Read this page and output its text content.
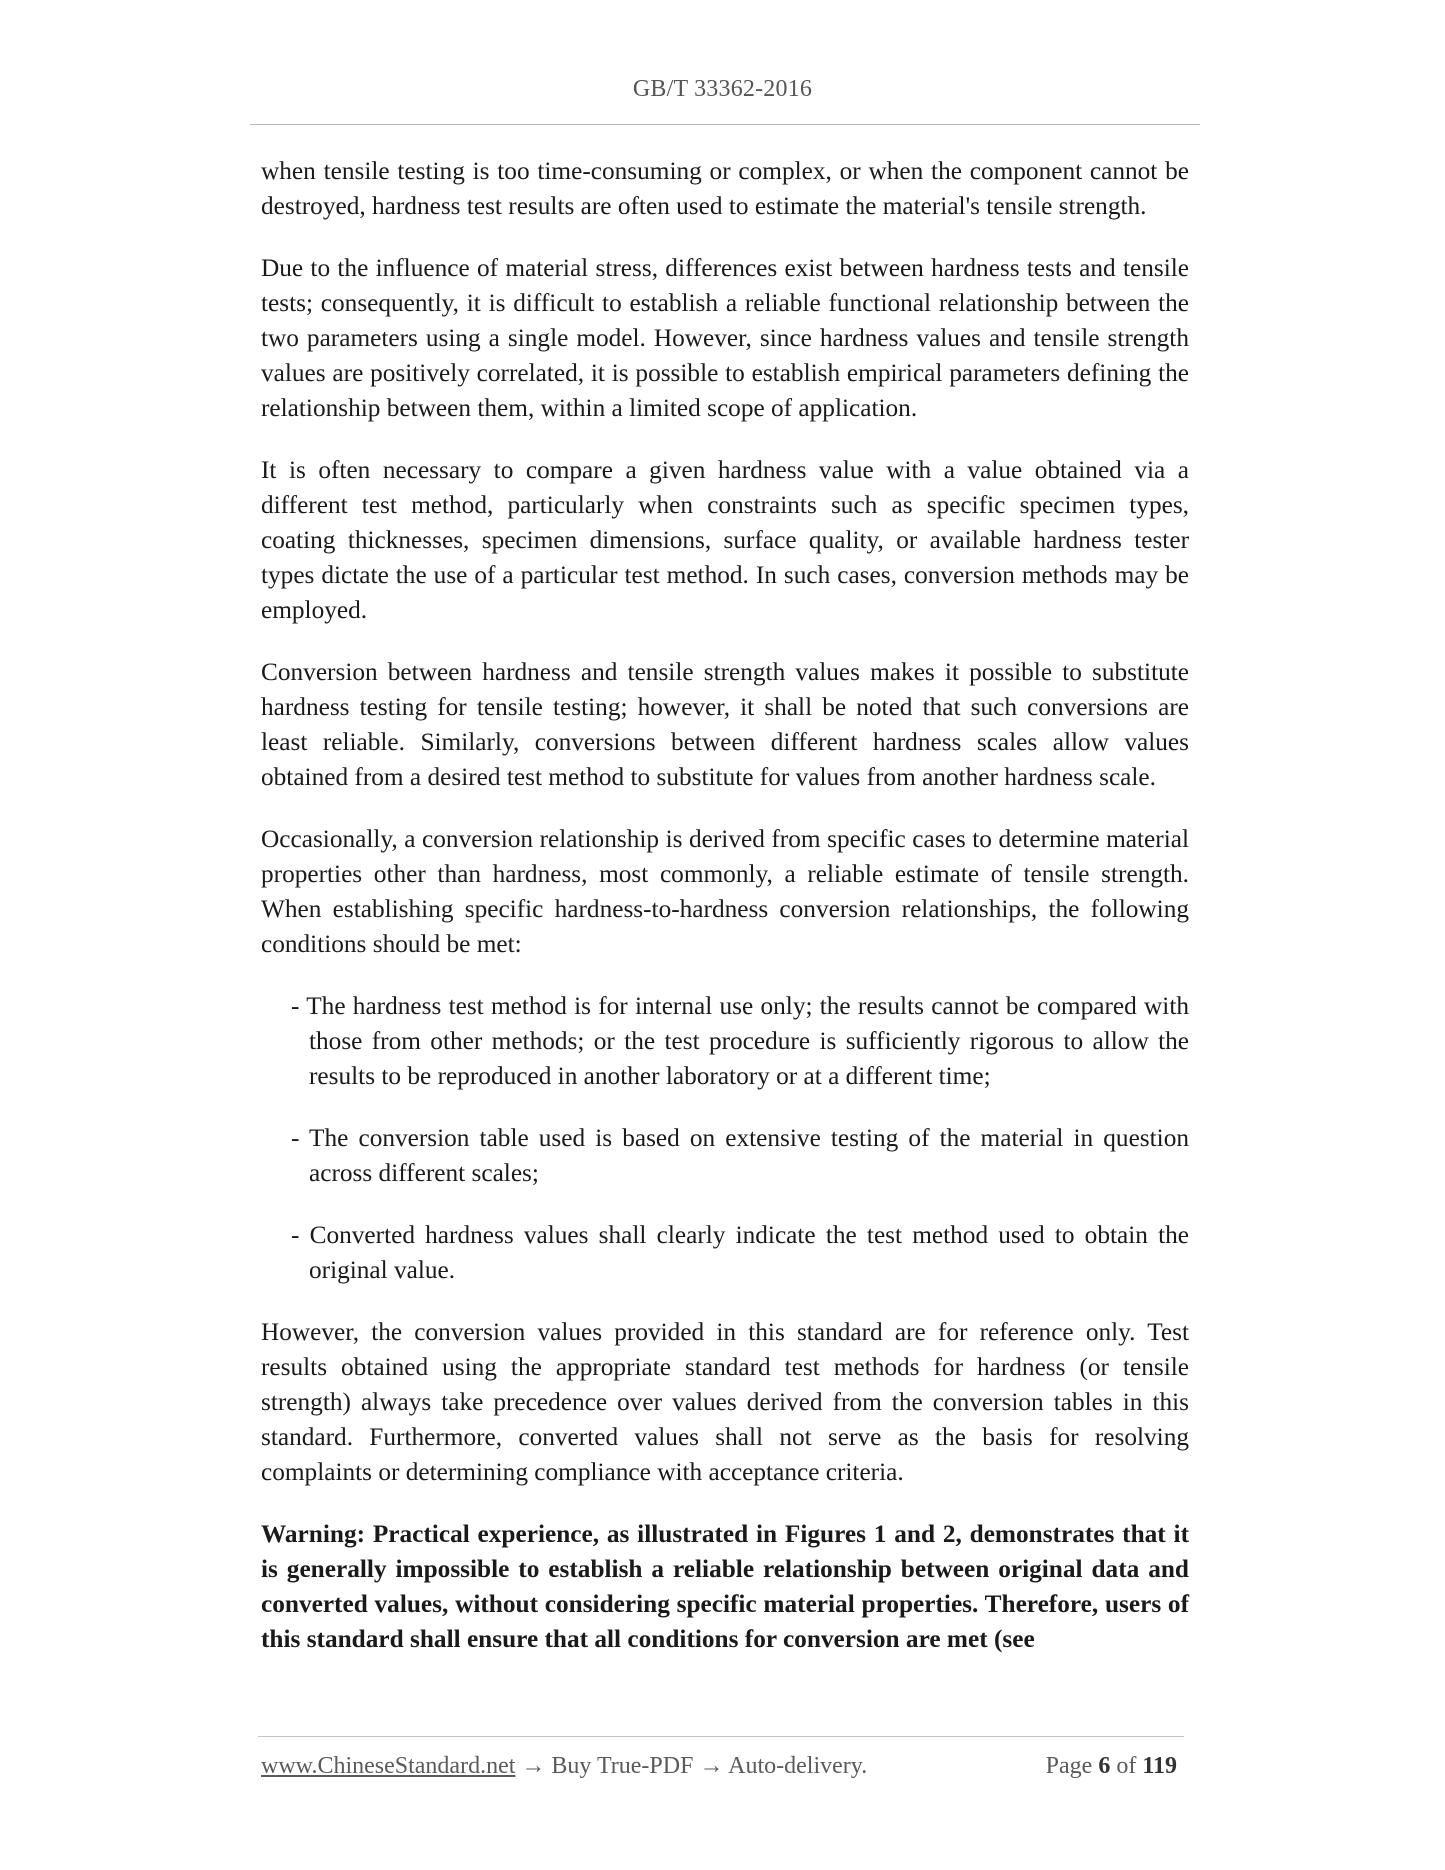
GB/T 33362-2016

when tensile testing is too time-consuming or complex, or when the component cannot be destroyed, hardness test results are often used to estimate the material's tensile strength.

Due to the influence of material stress, differences exist between hardness tests and tensile tests; consequently, it is difficult to establish a reliable functional relationship between the two parameters using a single model. However, since hardness values and tensile strength values are positively correlated, it is possible to establish empirical parameters defining the relationship between them, within a limited scope of application.

It is often necessary to compare a given hardness value with a value obtained via a different test method, particularly when constraints such as specific specimen types, coating thicknesses, specimen dimensions, surface quality, or available hardness tester types dictate the use of a particular test method. In such cases, conversion methods may be employed.

Conversion between hardness and tensile strength values makes it possible to substitute hardness testing for tensile testing; however, it shall be noted that such conversions are least reliable. Similarly, conversions between different hardness scales allow values obtained from a desired test method to substitute for values from another hardness scale.

Occasionally, a conversion relationship is derived from specific cases to determine material properties other than hardness, most commonly, a reliable estimate of tensile strength. When establishing specific hardness-to-hardness conversion relationships, the following conditions should be met:

- The hardness test method is for internal use only; the results cannot be compared with those from other methods; or the test procedure is sufficiently rigorous to allow the results to be reproduced in another laboratory or at a different time;

- The conversion table used is based on extensive testing of the material in question across different scales;

- Converted hardness values shall clearly indicate the test method used to obtain the original value.

However, the conversion values provided in this standard are for reference only. Test results obtained using the appropriate standard test methods for hardness (or tensile strength) always take precedence over values derived from the conversion tables in this standard. Furthermore, converted values shall not serve as the basis for resolving complaints or determining compliance with acceptance criteria.

Warning: Practical experience, as illustrated in Figures 1 and 2, demonstrates that it is generally impossible to establish a reliable relationship between original data and converted values, without considering specific material properties. Therefore, users of this standard shall ensure that all conditions for conversion are met (see

www.ChineseStandard.net → Buy True-PDF → Auto-delivery.	Page 6 of 119
